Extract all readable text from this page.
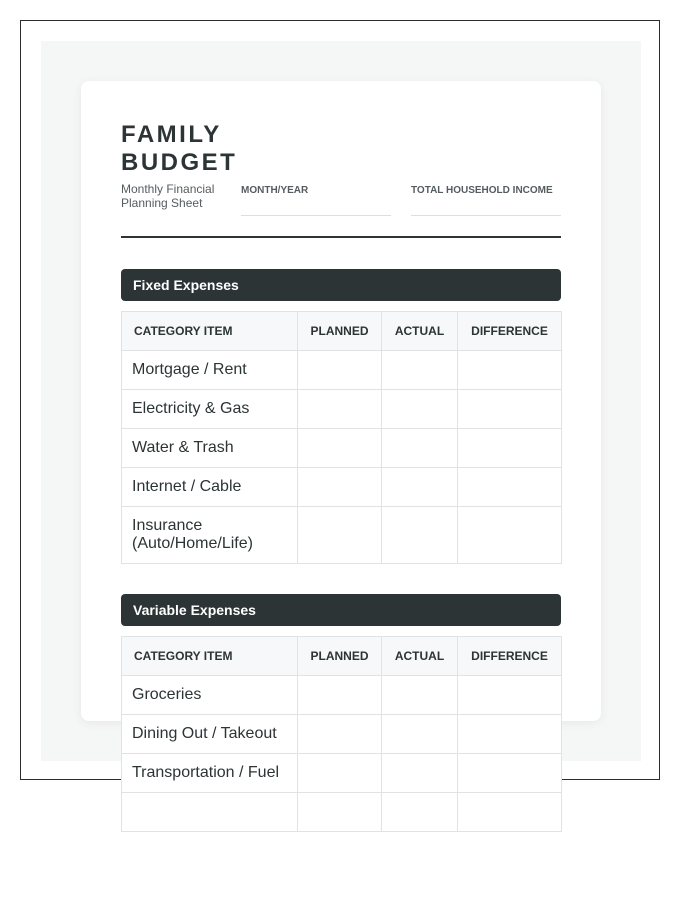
FAMILY
BUDGET
Monthly Financial Planning Sheet
MONTH/YEAR	TOTAL HOUSEHOLD INCOME
Fixed Expenses
CATEGORY ITEM	PLANNED	ACTUAL	DIFFERENCE
Mortgage / Rent			
Electricity & Gas			
Water & Trash			
Internet / Cable			
Insurance (Auto/Home/Life)			
Variable Expenses
CATEGORY ITEM	PLANNED	ACTUAL	DIFFERENCE
Groceries			
Dining Out / Takeout			
Transportation / Fuel			
